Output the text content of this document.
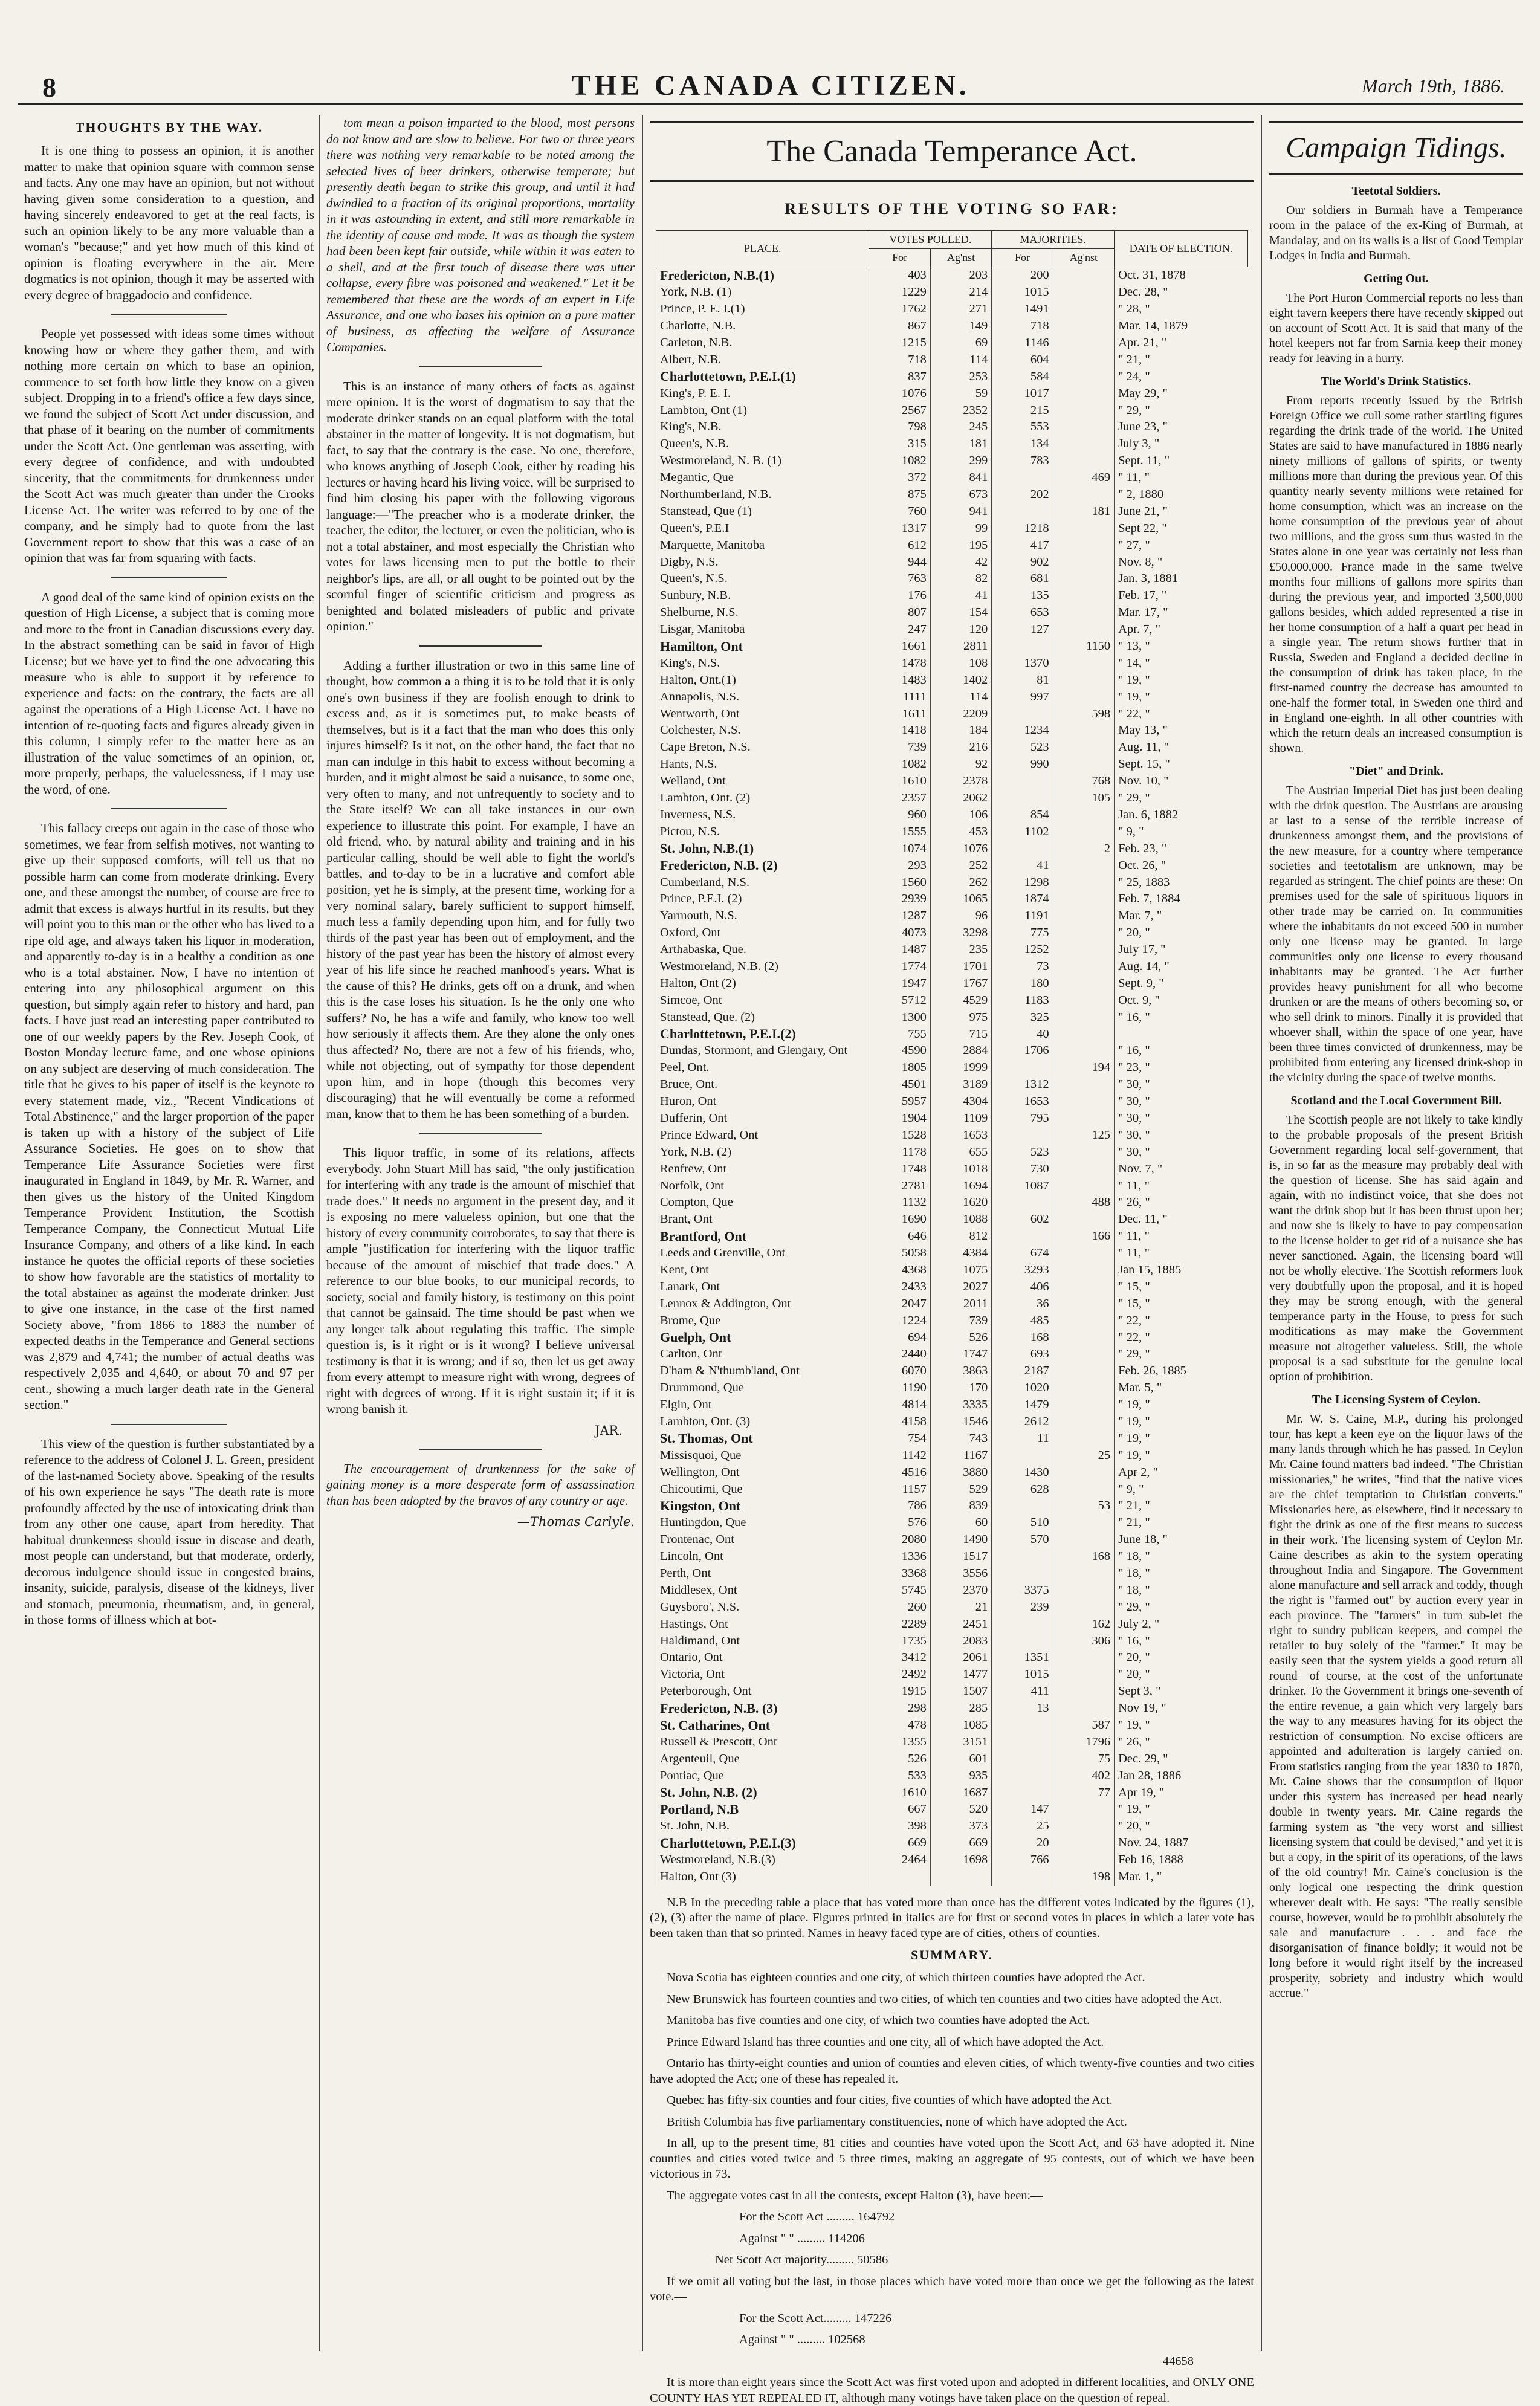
8	THE CANADA CITIZEN.	March 19th, 1886.
THOUGHTS BY THE WAY.

It is one thing to possess an opinion, it is another matter to make that opinion square with common sense and facts. Any one may have an opinion, but not without having given some consideration to a question, and having sincerely endeavored to get at the real facts, is such an opinion likely to be any more valuable than a woman's "because;" and yet how much of this kind of opinion is floating everywhere in the air. Mere dogmatics is not opinion, though it may be asserted with every degree of braggadocio and confidence.

People yet possessed with ideas some times without knowing how or where they gather them, and with nothing more certain on which to base an opinion, commence to set forth how little they know on a given subject. Dropping in to a friend's office a few days since, we found the subject of Scott Act under discussion, and that phase of it bearing on the number of commitments under the Scott Act. One gentleman was asserting, with every degree of confidence, and with undoubted sincerity, that the commitments for drunkenness under the Scott Act was much greater than under the Crooks License Act. The writer was referred to by one of the company, and he simply had to quote from the last Government report to show that this was a case of an opinion that was far from squaring with facts.

A good deal of the same kind of opinion exists on the question of High License, a subject that is coming more and more to the front in Canadian discussions every day. In the abstract something can be said in favor of High License; but we have yet to find the one advocating this measure who is able to support it by reference to experience and facts: on the contrary, the facts are all against the operations of a High License Act. I have no intention of re-quoting facts and figures already given in this column, I simply refer to the matter here as an illustration of the value sometimes of an opinion, or, more properly, perhaps, the valuelessness, if I may use the word, of one.

This fallacy creeps out again in the case of those who sometimes, we fear from selfish motives, not wanting to give up their supposed comforts, will tell us that no possible harm can come from moderate drinking. Every one, and these amongst the number, of course are free to admit that excess is always hurtful in its results, but they will point you to this man or the other who has lived to a ripe old age, and always taken his liquor in moderation, and apparently to-day is in a healthy a condition as one who is a total abstainer. Now, I have no intention of entering into any philosophical argument on this question, but simply again refer to history and hard, pan facts. I have just read an interesting paper contributed to one of our weekly papers by the Rev. Joseph Cook, of Boston Monday lecture fame, and one whose opinions on any subject are deserving of much consideration. The title that he gives to his paper of itself is the keynote to every statement made, viz., "Recent Vindications of Total Abstinence," and the larger proportion of the paper is taken up with a history of the subject of Life Assurance Societies. He goes on to show that Temperance Life Assurance Societies were first inaugurated in England in 1849, by Mr. R. Warner, and then gives us the history of the United Kingdom Temperance Provident Institution, the Scottish Temperance Company, the Connecticut Mutual Life Insurance Company, and others of a like kind. In each instance he quotes the official reports of these societies to show how favorable are the statistics of mortality to the total abstainer as against the moderate drinker. Just to give one instance, in the case of the first named Society above, "from 1866 to 1883 the number of expected deaths in the Temperance and General sections was 2,879 and 4,741; the number of actual deaths was respectively 2,035 and 4,640, or about 70 and 97 per cent., showing a much larger death rate in the General section."

This view of the question is further substantiated by a reference to the address of Colonel J. L. Green, president of the last-named Society above. Speaking of the results of his own experience he says "The death rate is more profoundly affected by the use of intoxicating drink than from any other one cause, apart from heredity. That habitual drunkenness should issue in disease and death, most people can understand, but that moderate, orderly, decorous indulgence should issue in congested brains, insanity, suicide, paralysis, disease of the kidneys, liver and stomach, pneumonia, rheumatism, and, in general, in those forms of illness which at bot-

tom mean a poison imparted to the blood, most persons do not know and are slow to believe. For two or three years there was nothing very remarkable to be noted among the selected lives of beer drinkers, otherwise temperate; but presently death began to strike this group, and until it had dwindled to a fraction of its original proportions, mortality in it was astounding in extent, and still more remarkable in the identity of cause and mode. It was as though the system had been been kept fair outside, while within it was eaten to a shell, and at the first touch of disease there was utter collapse, every fibre was poisoned and weakened." Let it be remembered that these are the words of an expert in Life Assurance, and one who bases his opinion on a pure matter of business, as affecting the welfare of Assurance Companies.

This is an instance of many others of facts as against mere opinion. It is the worst of dogmatism to say that the moderate drinker stands on an equal platform with the total abstainer in the matter of longevity. It is not dogmatism, but fact, to say that the contrary is the case. No one, therefore, who knows anything of Joseph Cook, either by reading his lectures or having heard his living voice, will be surprised to find him closing his paper with the following vigorous language:—"The preacher who is a moderate drinker, the teacher, the editor, the lecturer, or even the politician, who is not a total abstainer, and most especially the Christian who votes for laws licensing men to put the bottle to their neighbor's lips, are all, or all ought to be pointed out by the scornful finger of scientific criticism and progress as benighted and bolated misleaders of public and private opinion."

Adding a further illustration or two in this same line of thought, how common a a thing it is to be told that it is only one's own business if they are foolish enough to drink to excess and, as it is sometimes put, to make beasts of themselves, but is it a fact that the man who does this only injures himself? Is it not, on the other hand, the fact that no man can indulge in this habit to excess without becoming a burden, and it might almost be said a nuisance, to some one, very often to many, and not unfrequently to society and to the State itself? We can all take instances in our own experience to illustrate this point. For example, I have an old friend, who, by natural ability and training and in his particular calling, should be well able to fight the world's battles, and to-day to be in a lucrative and comfort able position, yet he is simply, at the present time, working for a very nominal salary, barely sufficient to support himself, much less a family depending upon him, and for fully two thirds of the past year has been out of employment, and the history of the past year has been the history of almost every year of his life since he reached manhood's years. What is the cause of this? He drinks, gets off on a drunk, and when this is the case loses his situation. Is he the only one who suffers? No, he has a wife and family, who know too well how seriously it affects them. Are they alone the only ones thus affected? No, there are not a few of his friends, who, while not objecting, out of sympathy for those dependent upon him, and in hope (though this becomes very discouraging) that he will eventually be come a reformed man, know that to them he has been something of a burden.

This liquor traffic, in some of its relations, affects everybody. John Stuart Mill has said, "the only justification for interfering with any trade is the amount of mischief that trade does." It needs no argument in the present day, and it is exposing no mere valueless opinion, but one that the history of every community corroborates, to say that there is ample "justification for interfering with the liquor traffic because of the amount of mischief that trade does." A reference to our blue books, to our municipal records, to society, social and family history, is testimony on this point that cannot be gainsaid. The time should be past when we any longer talk about regulating this traffic. The simple question is, is it right or is it wrong? I believe universal testimony is that it is wrong; and if so, then let us get away from every attempt to measure right with wrong, degrees of right with degrees of wrong. If it is right sustain it; if it is wrong banish it.

JAR.

The encouragement of drunkenness for the sake of gaining money is a more desperate form of assassination than has been adopted by the bravos of any country or age.

—Thomas Carlyle.
The Canada Temperance Act.
RESULTS OF THE VOTING SO FAR:
PLACE.	VOTES POLLED.		MAJORITIES.		DATE OF ELECTION.
	For	Ag'nst	For	Ag'nst	
Fredericton, N.B.(1)	403	203	200		Oct. 31, 1878
York, N.B. (1)	1229	214	1015		Dec. 28, "
Prince, P. E. I.(1)	1762	271	1491		" 28, "
Charlotte, N.B.	867	149	718		Mar. 14, 1879
Carleton, N.B.	1215	69	1146		Apr. 21, "
Albert, N.B.	718	114	604		" 21, "
Charlottetown, P.E.I.(1)	837	253	584		" 24, "
King's, P. E. I.	1076	59	1017		May 29, "
Lambton, Ont (1)	2567	2352	215		" 29, "
King's, N.B.	798	245	553		June 23, "
Queen's, N.B.	315	181	134		July 3, "
Westmoreland, N. B. (1)	1082	299	783		Sept. 11, "
Megantic, Que	372	841		469	" 11, "
Northumberland, N.B.	875	673	202		" 2, 1880
Stanstead, Que (1)	760	941		181	June 21, "
Queen's, P.E.I	1317	99	1218		Sept 22, "
Marquette, Manitoba	612	195	417		" 27, "
Digby, N.S.	944	42	902		Nov. 8, "
Queen's, N.S.	763	82	681		Jan. 3, 1881
Sunbury, N.B.	176	41	135		Feb. 17, "
Shelburne, N.S.	807	154	653		Mar. 17, "
Lisgar, Manitoba	247	120	127		Apr. 7, "
Hamilton, Ont	1661	2811		1150	" 13, "
King's, N.S.	1478	108	1370		" 14, "
Halton, Ont.(1)	1483	1402	81		" 19, "
Annapolis, N.S.	1111	114	997		" 19, "
Wentworth, Ont	1611	2209		598	" 22, "
Colchester, N.S.	1418	184	1234		May 13, "
Cape Breton, N.S.	739	216	523		Aug. 11, "
Hants, N.S.	1082	92	990		Sept. 15, "
Welland, Ont	1610	2378		768	Nov. 10, "
Lambton, Ont. (2)	2357	2062		105	" 29, "
Inverness, N.S.	960	106	854		Jan. 6, 1882
Pictou, N.S.	1555	453	1102		" 9, "
St. John, N.B.(1)	1074	1076		2	Feb. 23, "
Fredericton, N.B. (2)	293	252	41		Oct. 26, "
Cumberland, N.S.	1560	262	1298		" 25, 1883
Prince, P.E.I. (2)	2939	1065	1874		Feb. 7, 1884
Yarmouth, N.S.	1287	96	1191		Mar. 7, "
Oxford, Ont	4073	3298	775		" 20, "
Arthabaska, Que.	1487	235	1252		July 17, "
Westmoreland, N.B. (2)	1774	1701	73		Aug. 14, "
Halton, Ont (2)	1947	1767	180		Sept. 9, "
Simcoe, Ont	5712	4529	1183		Oct. 9, "
Stanstead, Que. (2)	1300	975	325		" 16, "
Charlottetown, P.E.I.(2)	755	715	40		
Dundas, Stormont, and Glengary, Ont	4590	2884	1706		" 16, "
Peel, Ont.	1805	1999		194	" 23, "
Bruce, Ont.	4501	3189	1312		" 30, "
Huron, Ont	5957	4304	1653		" 30, "
Dufferin, Ont	1904	1109	795		" 30, "
Prince Edward, Ont	1528	1653		125	" 30, "
York, N.B. (2)	1178	655	523		" 30, "
Renfrew, Ont	1748	1018	730		Nov. 7, "
Norfolk, Ont	2781	1694	1087		" 11, "
Compton, Que	1132	1620		488	" 26, "
Brant, Ont	1690	1088	602		Dec. 11, "
Brantford, Ont	646	812		166	" 11, "
Leeds and Grenville, Ont	5058	4384	674		" 11, "
Kent, Ont	4368	1075	3293		Jan 15, 1885
Lanark, Ont	2433	2027	406		" 15, "
Lennox & Addington, Ont	2047	2011	36		" 15, "
Brome, Que	1224	739	485		" 22, "
Guelph, Ont	694	526	168		" 22, "
Carlton, Ont	2440	1747	693		" 29, "
D'ham & N'thumb'land, Ont	6070	3863	2187		Feb. 26, 1885
Drummond, Que	1190	170	1020		Mar. 5, "
Elgin, Ont	4814	3335	1479		" 19, "
Lambton, Ont. (3)	4158	1546	2612		" 19, "
St. Thomas, Ont	754	743	11		" 19, "
Missisquoi, Que	1142	1167		25	" 19, "
Wellington, Ont	4516	3880	1430		Apr 2, "
Chicoutimi, Que	1157	529	628		" 9, "
Kingston, Ont	786	839		53	" 21, "
Huntingdon, Que	576	60	510		" 21, "
Frontenac, Ont	2080	1490	570		June 18, "
Lincoln, Ont	1336	1517		168	" 18, "
Perth, Ont	3368	3556			" 18, "
Middlesex, Ont	5745	2370	3375		" 18, "
Guysboro', N.S.	260	21	239		" 29, "
Hastings, Ont	2289	2451		162	July 2, "
Haldimand, Ont	1735	2083		306	" 16, "
Ontario, Ont	3412	2061	1351		" 20, "
Victoria, Ont	2492	1477	1015		" 20, "
Peterborough, Ont	1915	1507	411		Sept 3, "
Fredericton, N.B. (3)	298	285	13		Nov 19, "
St. Catharines, Ont	478	1085		587	" 19, "
Russell & Prescott, Ont	1355	3151		1796	" 26, "
Argenteuil, Que	526	601		75	Dec. 29, "
Pontiac, Que	533	935		402	Jan 28, 1886
St. John, N.B. (2)	1610	1687		77	Apr 19, "
Portland, N.B	667	520	147		" 19, "
St. John, N.B.	398	373	25		" 20, "
Charlottetown, P.E.I.(3)	669	669	20		Nov. 24, 1887
Westmoreland, N.B.(3)	2464	1698	766		Feb 16, 1888
Halton, Ont (3)				198	Mar. 1, "

N.B In the preceding table a place that has voted more than once has the different votes indicated by the figures (1), (2), (3) after the name of place. Figures printed in italics are for first or second votes in places in which a later vote has been taken than that so printed. Names in heavy faced type are of cities, others of counties.

SUMMARY.

Nova Scotia has eighteen counties and one city, of which thirteen counties have adopted the Act.

New Brunswick has fourteen counties and two cities, of which ten counties and two cities have adopted the Act.

Manitoba has five counties and one city, of which two counties have adopted the Act.

Prince Edward Island has three counties and one city, all of which have adopted the Act.

Ontario has thirty-eight counties and union of counties and eleven cities, of which twenty-five counties and two cities have adopted the Act; one of these has repealed it.

Quebec has fifty-six counties and four cities, five counties of which have adopted the Act.

British Columbia has five parliamentary constituencies, none of which have adopted the Act.

In all, up to the present time, 81 cities and counties have voted upon the Scott Act, and 63 have adopted it. Nine counties and cities voted twice and 5 three times, making an aggregate of 95 contests, out of which we have been victorious in 73.

The aggregate votes cast in all the contests, except Halton (3), have been:—

For the Scott Act ......... 164792

Against " " ......... 114206

Net Scott Act majority......... 50586

If we omit all voting but the last, in those places which have voted more than once we get the following as the latest vote.—

For the Scott Act......... 147226

Against " " ......... 102568

44658

It is more than eight years since the Scott Act was first voted upon and adopted in different localities, and ONLY ONE COUNTY HAS YET REPEALED IT, although many votings have taken place on the question of repeal.

Campaign Tidings.
Teetotal Soldiers.

Our soldiers in Burmah have a Temperance room in the palace of the ex-King of Burmah, at Mandalay, and on its walls is a list of Good Templar Lodges in India and Burmah.

Getting Out.

The Port Huron Commercial reports no less than eight tavern keepers there have recently skipped out on account of Scott Act. It is said that many of the hotel keepers not far from Sarnia keep their money ready for leaving in a hurry.

The World's Drink Statistics.

From reports recently issued by the British Foreign Office we cull some rather startling figures regarding the drink trade of the world. The United States are said to have manufactured in 1886 nearly ninety millions of gallons of spirits, or twenty millions more than during the previous year. Of this quantity nearly seventy millions were retained for home consumption, which was an increase on the home consumption of the previous year of about two millions, and the gross sum thus wasted in the States alone in one year was certainly not less than £50,000,000. France made in the same twelve months four millions of gallons more spirits than during the previous year, and imported 3,500,000 gallons besides, which added represented a rise in her home consumption of a half a quart per head in a single year. The return shows further that in Russia, Sweden and England a decided decline in the consumption of drink has taken place, in the first-named country the decrease has amounted to one-half the former total, in Sweden one third and in England one-eighth. In all other countries with which the return deals an increased consumption is shown.

"Diet" and Drink.

The Austrian Imperial Diet has just been dealing with the drink question. The Austrians are arousing at last to a sense of the terrible increase of drunkenness amongst them, and the provisions of the new measure, for a country where temperance societies and teetotalism are unknown, may be regarded as stringent. The chief points are these: On premises used for the sale of spirituous liquors in other trade may be carried on. In communities where the inhabitants do not exceed 500 in number only one license may be granted. In large communities only one license to every thousand inhabitants may be granted. The Act further provides heavy punishment for all who become drunken or are the means of others becoming so, or who sell drink to minors. Finally it is provided that whoever shall, within the space of one year, have been three times convicted of drunkenness, may be prohibited from entering any licensed drink-shop in the vicinity during the space of twelve months.

Scotland and the Local Government Bill.

The Scottish people are not likely to take kindly to the probable proposals of the present British Government regarding local self-government, that is, in so far as the measure may probably deal with the question of license. She has said again and again, with no indistinct voice, that she does not want the drink shop but it has been thrust upon her; and now she is likely to have to pay compensation to the license holder to get rid of a nuisance she has never sanctioned. Again, the licensing board will not be wholly elective. The Scottish reformers look very doubtfully upon the proposal, and it is hoped they may be strong enough, with the general temperance party in the House, to press for such modifications as may make the Government measure not altogether valueless. Still, the whole proposal is a sad substitute for the genuine local option of prohibition.

The Licensing System of Ceylon.

Mr. W. S. Caine, M.P., during his prolonged tour, has kept a keen eye on the liquor laws of the many lands through which he has passed. In Ceylon Mr. Caine found matters bad indeed. "The Christian missionaries," he writes, "find that the native vices are the chief temptation to Christian converts." Missionaries here, as elsewhere, find it necessary to fight the drink as one of the first means to success in their work. The licensing system of Ceylon Mr. Caine describes as akin to the system operating throughout India and Singapore. The Government alone manufacture and sell arrack and toddy, though the right is "farmed out" by auction every year in each province. The "farmers" in turn sub-let the right to sundry publican keepers, and compel the retailer to buy solely of the "farmer." It may be easily seen that the system yields a good return all round—of course, at the cost of the unfortunate drinker. To the Government it brings one-seventh of the entire revenue, a gain which very largely bars the way to any measures having for its object the restriction of consumption. No excise officers are appointed and adulteration is largely carried on. From statistics ranging from the year 1830 to 1870, Mr. Caine shows that the consumption of liquor under this system has increased per head nearly double in twenty years. Mr. Caine regards the farming system as "the very worst and silliest licensing system that could be devised," and yet it is but a copy, in the spirit of its operations, of the laws of the old country! Mr. Caine's conclusion is the only logical one respecting the drink question wherever dealt with. He says: "The really sensible course, however, would be to prohibit absolutely the sale and manufacture . . . and face the disorganisation of finance boldly; it would not be long before it would right itself by the increased prosperity, sobriety and industry which would accrue."
